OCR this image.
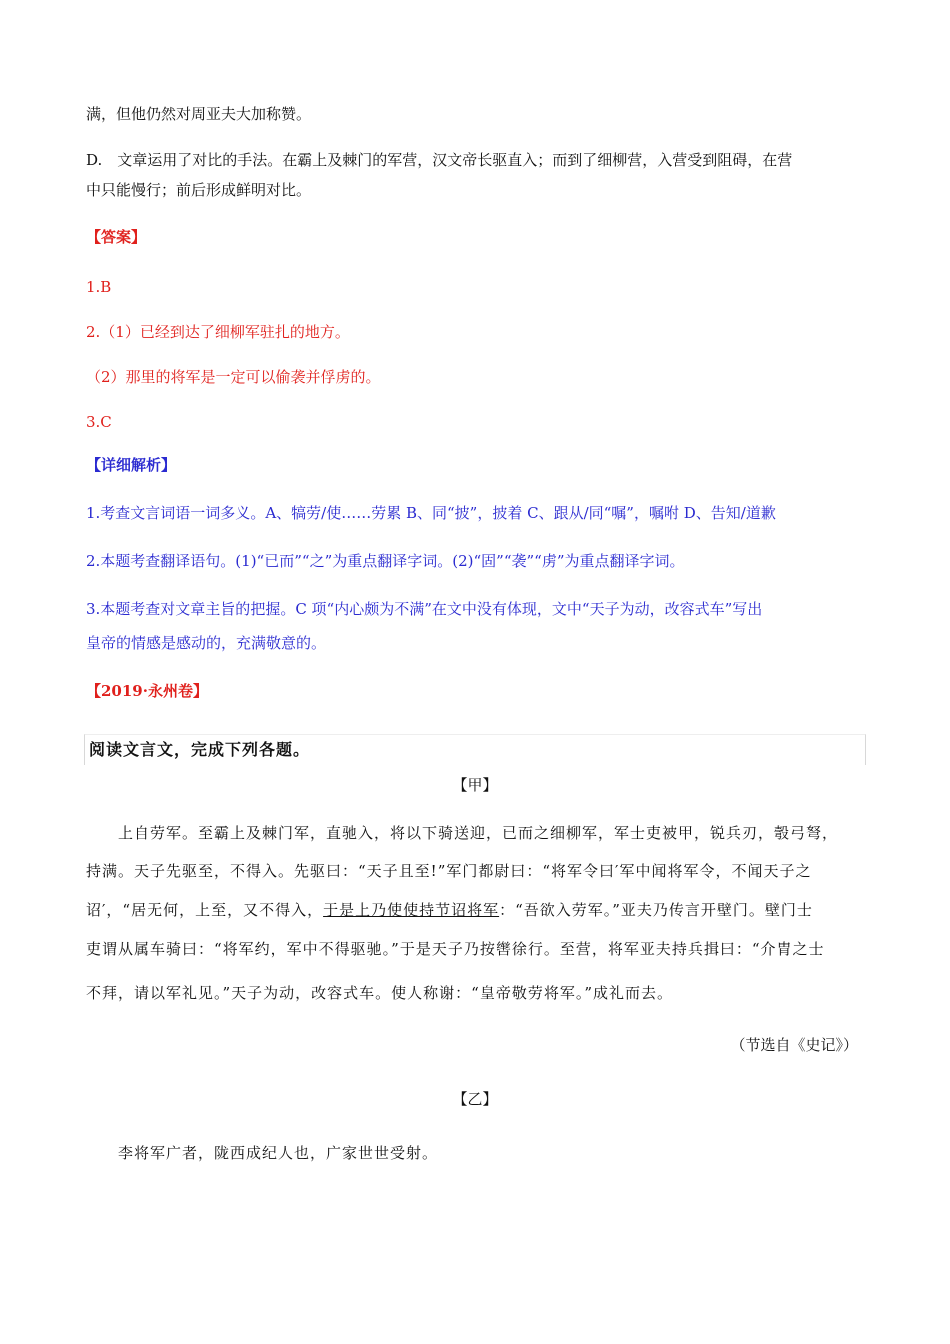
满，但他仍然对周亚夫大加称赞。
D.　文章运用了对比的手法。在霸上及棘门的军营，汉文帝长驱直入；而到了细柳营，入营受到阻碍，在营
中只能慢行；前后形成鲜明对比。
【答案】
1.B
2.（1）已经到达了细柳军驻扎的地方。
（2）那里的将军是一定可以偷袭并俘虏的。
3.C
【详细解析】
1.考查文言词语一词多义。A、犒劳/使……劳累 B、同“披”，披着 C、跟从/同“嘱”，嘱咐 D、告知/道歉
2.本题考查翻译语句。(1)“已而”“之”为重点翻译字词。(2)“固”“袭”“虏”为重点翻译字词。
3.本题考查对文章主旨的把握。C 项“内心颇为不满”在文中没有体现，文中“天子为动，改容式车”写出
皇帝的情感是感动的，充满敬意的。
【2019·永州卷】
阅读文言文，完成下列各题。
【甲】
上自劳军。至霸上及棘门军，直驰入，将以下骑送迎，已而之细柳军，军士吏被甲，锐兵刃，彀弓弩，
持满。天子先驱至，不得入。先驱曰：“天子且至!”军门都尉曰：“将军令曰′军中闻将军令，不闻天子之
诏′，“居无何，上至，又不得入，于是上乃使使持节诏将军：“吾欲入劳军。”亚夫乃传言开壁门。壁门士
吏谓从属车骑曰：“将军约，军中不得驱驰。”于是天子乃按辔徐行。至营，将军亚夫持兵揖曰：“介胄之士
不拜，请以军礼见。”天子为动，改容式车。使人称谢：“皇帝敬劳将军。”成礼而去。
（节选自《史记》）
【乙】
李将军广者，陇西成纪人也，广家世世受射。
